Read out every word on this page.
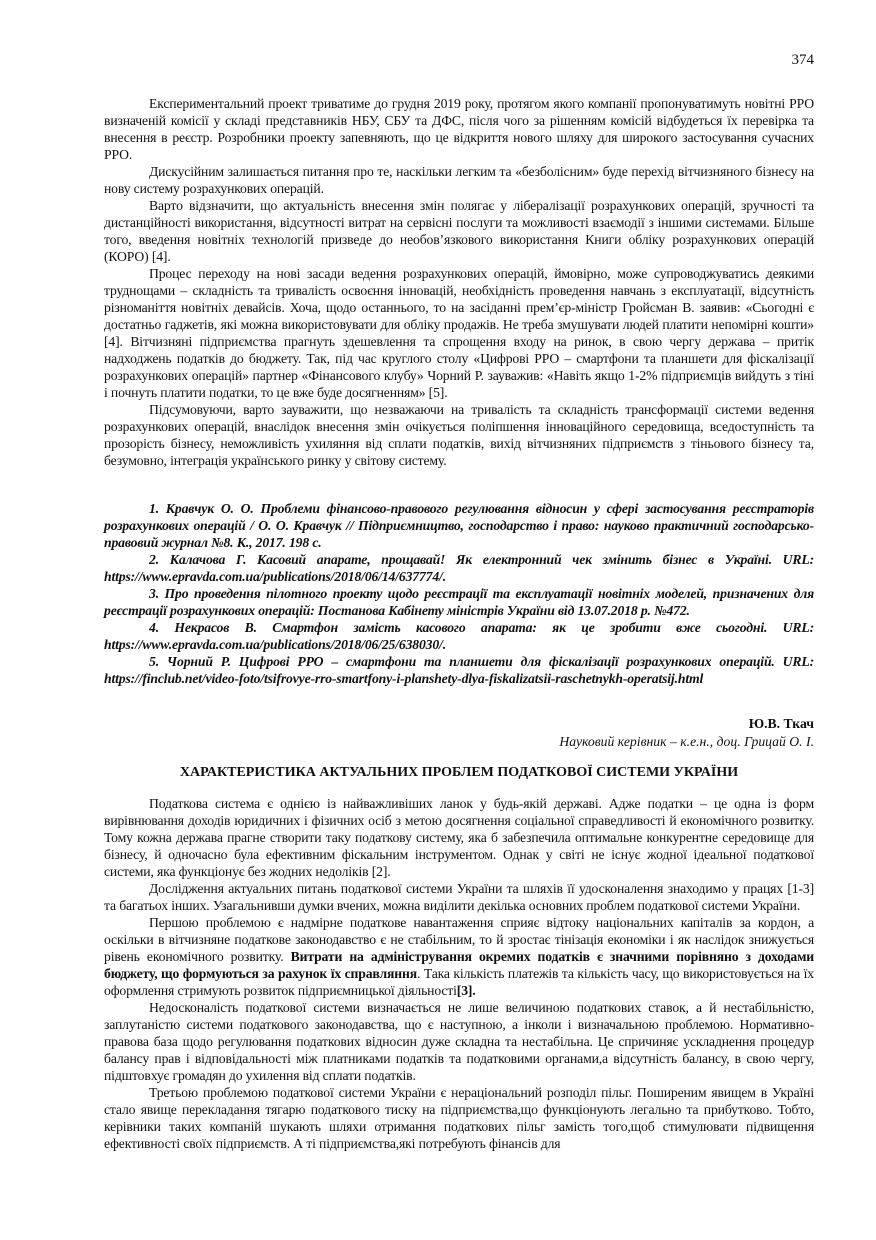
374

Експериментальний проект триватиме до грудня 2019 року, протягом якого компанії пропонуватимуть новітні РРО визначеній комісії у складі представників НБУ, СБУ та ДФС, після чого за рішенням комісій відбудеться їх перевірка та внесення в реєстр. Розробники проекту запевняють, що це відкриття нового шляху для широкого застосування сучасних РРО.

Дискусійним залишається питання про те, наскільки легким та «безболісним» буде перехід вітчизняного бізнесу на нову систему розрахункових операцій.

Варто відзначити, що актуальність внесення змін полягає у лібералізації розрахункових операцій, зручності та дистанційності використання, відсутності витрат на сервісні послуги та можливості взаємодії з іншими системами. Більше того, введення новітніх технологій призведе до необов’язкового використання Книги обліку розрахункових операцій (КОРО) [4].

Процес переходу на нові засади ведення розрахункових операцій, ймовірно, може супроводжуватись деякими труднощами – складність та тривалість освоєння інновацій, необхідність проведення навчань з експлуатації, відсутність різноманіття новітніх девайсів. Хоча, щодо останнього, то на засіданні прем’єр-міністр Гройсман В. заявив: «Сьогодні є достатньо гаджетів, які можна використовувати для обліку продажів. Не треба змушувати людей платити непомірні кошти» [4]. Вітчизняні підприємства прагнуть здешевлення та спрощення входу на ринок, в свою чергу держава – притік надходжень податків до бюджету. Так, під час круглого столу «Цифрові РРО – смартфони та планшети для фіскалізації розрахункових операцій» партнер «Фінансового клубу» Чорний Р. зауважив: «Навіть якщо 1-2% підприємців вийдуть з тіні і почнуть платити податки, то це вже буде досягненням» [5].

Підсумовуючи, варто зауважити, що незважаючи на тривалість та складність трансформації системи ведення розрахункових операцій, внаслідок внесення змін очікується поліпшення інноваційного середовища, вседоступність та прозорість бізнесу, неможливість ухиляння від сплати податків, вихід вітчизняних підприємств з тіньового бізнесу та, безумовно, інтеграція українського ринку у світову систему.

1. Кравчук О. О. Проблеми фінансово-правового регулювання відносин у сфері застосування реєстраторів розрахункових операцій / О. О. Кравчук // Підприємництво, господарство і право: науково практичний господарсько-правовий журнал №8. К., 2017. 198 с.

2. Калачова Г. Касовий апарате, прощавай! Як електронний чек змінить бізнес в Україні. URL: https://www.epravda.com.ua/publications/2018/06/14/637774/.

3. Про проведення пілотного проекту щодо реєстрації та експлуатації новітніх моделей, призначених для реєстрації розрахункових операцій: Постанова Кабінету міністрів України від 13.07.2018 р. №472.

4. Некрасов В. Смартфон замість касового апарата: як це зробити вже сьогодні. URL: https://www.epravda.com.ua/publications/2018/06/25/638030/.

5. Чорний Р. Цифрові РРО – смартфони та планшети для фіскалізації розрахункових операцій. URL: https://finclub.net/video-foto/tsifrovye-rro-smartfony-i-planshety-dlya-fiskalizatsii-raschetnykh-operatsij.html

Ю.В. Ткач
Науковий керівник – к.е.н., доц. Грицай О. І.
ХАРАКТЕРИСТИКА АКТУАЛЬНИХ ПРОБЛЕМ ПОДАТКОВОЇ СИСТЕМИ УКРАЇНИ

Податкова система є однією із найважливіших ланок у будь-якій державі. Адже податки – це одна із форм вирівнювання доходів юридичних і фізичних осіб з метою досягнення соціальної справедливості й економічного розвитку. Тому кожна держава прагне створити таку податкову систему, яка б забезпечила оптимальне конкурентне середовище для бізнесу, й одночасно була ефективним фіскальним інструментом. Однак у світі не існує жодної ідеальної податкової системи, яка функціонує без жодних недоліків [2].

Дослідження актуальних питань податкової системи України та шляхів її удосконалення знаходимо у працях [1-3] та багатьох інших. Узагальнивши думки вчених, можна виділити декілька основних проблем податкової системи України.

Першою проблемою є надмірне податкове навантаження сприяє відтоку національних капіталів за кордон, а оскільки в вітчизняне податкове законодавство є не стабільним, то й зростає тінізація економіки і як наслідок знижується рівень економічного розвитку. Витрати на адміністрування окремих податків є значними порівняно з доходами бюджету, що формуються за рахунок їх справляння. Така кількість платежів та кількість часу, що використовується на їх оформлення стримують розвиток підприємницької діяльності[3].

Недосконалість податкової системи визначається не лише величиною податкових ставок, а й нестабільністю, заплутаністю системи податкового законодавства, що є наступною, а інколи і визначальною проблемою. Нормативно-правова база щодо регулювання податкових відносин дуже складна та нестабільна. Це спричиняє ускладнення процедур балансу прав і відповідальності між платниками податків та податковими органами,а відсутність балансу, в свою чергу, підштовхує громадян до ухилення від сплати податків.

Третьою проблемою податкової системи України є нераціональний розподіл пільг. Поширеним явищем в Україні стало явище перекладання тягарю податкового тиску на підприємства,що функціонують легально та прибутково. Тобто, керівники таких компаній шукають шляхи отримання податкових пільг замість того,щоб стимулювати підвищення ефективності своїх підприємств. А ті підприємства,які потребують фінансів для
